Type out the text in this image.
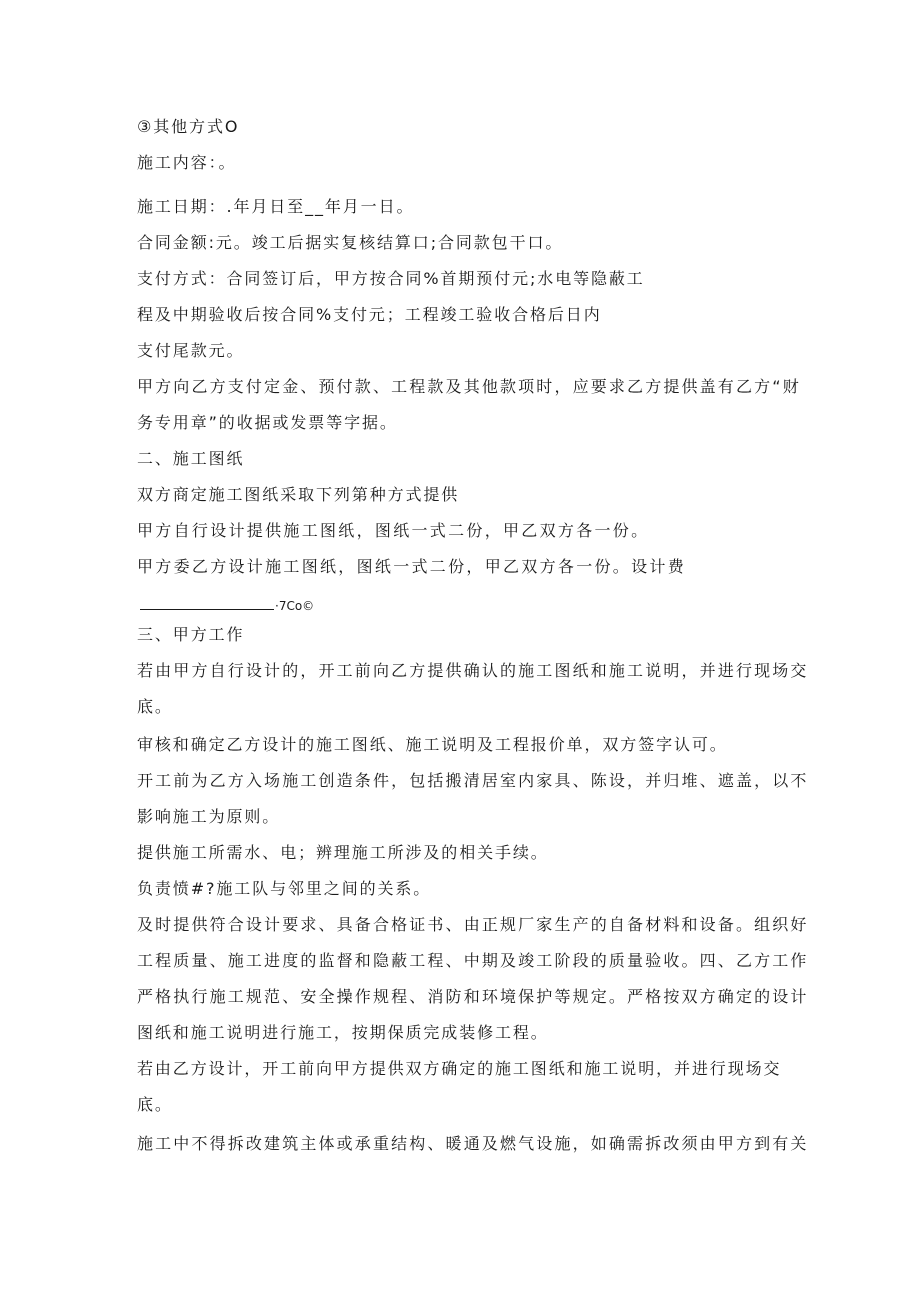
③其他方式O

施工内容：。

施工日期：.年月日至__年月一日。

合同金额:元。竣工后据实复核结算口;合同款包干口。

支付方式：合同签订后，甲方按合同%首期预付元;水电等隐蔽工

程及中期验收后按合同%支付元；工程竣工验收合格后日内

支付尾款元。

甲方向乙方支付定金、预付款、工程款及其他款项时，应要求乙方提供盖有乙方“财

务专用章”的收据或发票等字据。

二、施工图纸

双方商定施工图纸采取下列第种方式提供

甲方自行设计提供施工图纸，图纸一式二份，甲乙双方各一份。

甲方委乙方设计施工图纸，图纸一式二份，甲乙双方各一份。设计费

·7Co©

三、甲方工作

若由甲方自行设计的，开工前向乙方提供确认的施工图纸和施工说明，并进行现场交

底。

审核和确定乙方设计的施工图纸、施工说明及工程报价单，双方签字认可。

开工前为乙方入场施工创造条件，包括搬清居室内家具、陈设，并归堆、遮盖，以不

影响施工为原则。

提供施工所需水、电；辨理施工所涉及的相关手续。

负责愤#?施工队与邻里之间的关系。

及时提供符合设计要求、具备合格证书、由正规厂家生产的自备材料和设备。组织好

工程质量、施工进度的监督和隐蔽工程、中期及竣工阶段的质量验收。四、乙方工作

严格执行施工规范、安全操作规程、消防和环境保护等规定。严格按双方确定的设计

图纸和施工说明进行施工，按期保质完成装修工程。

若由乙方设计，开工前向甲方提供双方确定的施工图纸和施工说明，并进行现场交

底。

施工中不得拆改建筑主体或承重结构、暖通及燃气设施，如确需拆改须由甲方到有关
